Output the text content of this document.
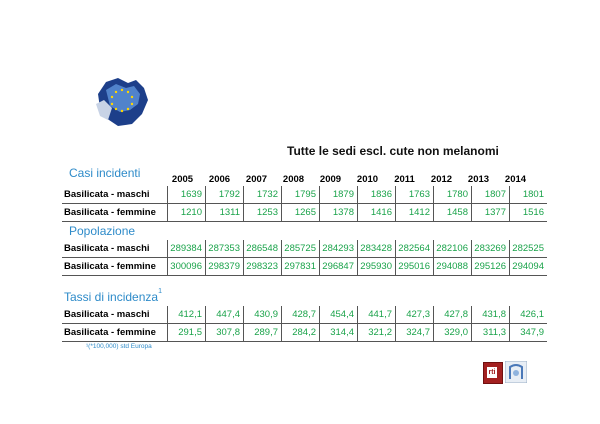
Tutte le sedi escl. cute non melanomi
Casi incidenti	2005	2006	2007	2008	2009	2010	2011	2012	2013	2014
Basilicata - maschi	1639	1792	1732	1795	1879	1836	1763	1780	1807	1801
Basilicata - femmine	1210	1311	1253	1265	1378	1416	1412	1458	1377	1516
Popolazione
Basilicata - maschi	289384	287353	286548	285725	284293	283428	282564	282106	283269	282525
Basilicata - femmine	300096	298379	298323	297831	296847	295930	295016	294088	295126	294094
Tassi di incidenza$^1$
Basilicata - maschi	412,1	447,4	430,9	428,7	454,4	441,7	427,3	427,8	431,8	426,1
Basilicata - femmine	291,5	307,8	289,7	284,2	314,4	321,2	324,7	329,0	311,3	347,9
¹(*100,000) std Europa
rti
